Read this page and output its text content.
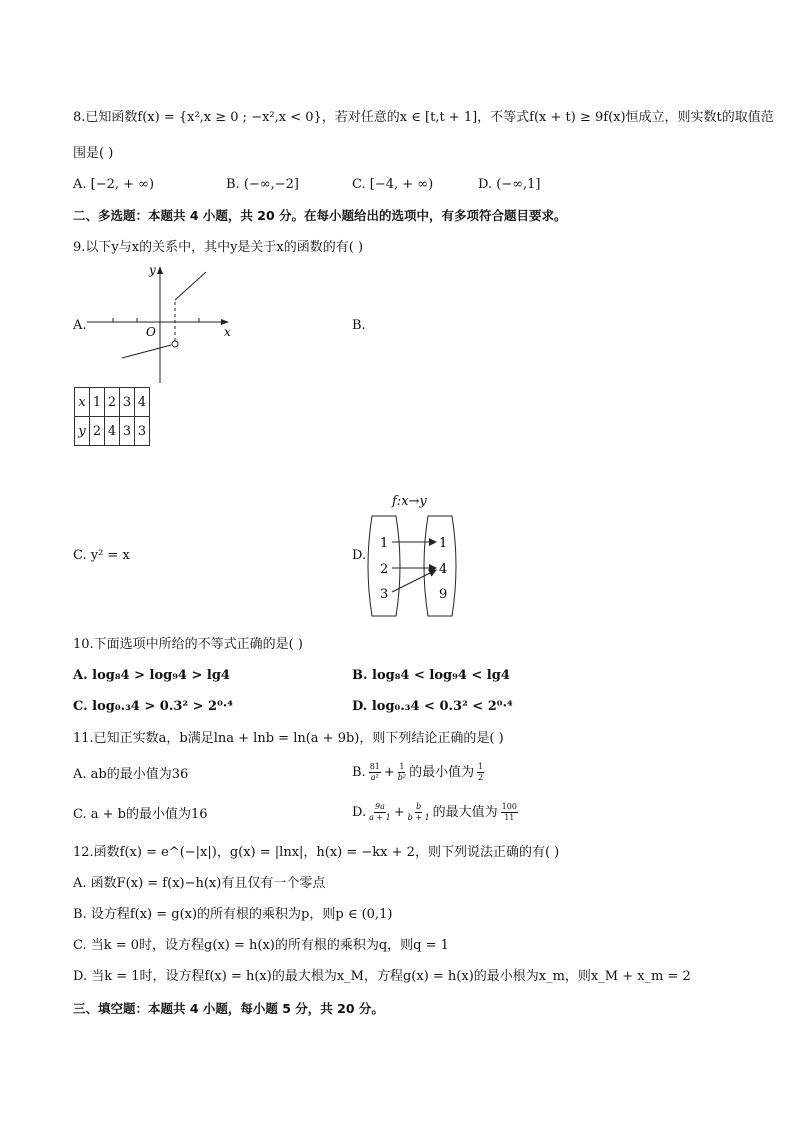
8.已知函数f(x) = {x²,x ≥ 0 ; −x²,x < 0}，若对任意的x ∈ [t,t + 1]，不等式f(x + t) ≥ 9f(x)恒成立，则实数t的取值范
围是( )
A. [−2, + ∞)	B. (−∞,−2]	C. [−4, + ∞)	D. (−∞,1]
二、多选题：本题共 4 小题，共 20 分。在每小题给出的选项中，有多项符合题目要求。
9.以下y与x的关系中，其中y是关于x的函数的有( )
A.
y
x
O	B.
x	1	2	3	4
y	2	4	3	3
C. y² = x	D.
f:x→y
1
2
3
1
4
9
10.下面选项中所给的不等式正确的是( )
A. log₈4 > log₉4 > lg4	B. log₈4 < log₉4 < lg4
C. log₀.₃4 > 0.3² > 2⁰·⁴	D. log₀.₃4 < 0.3² < 2⁰·⁴
11.已知正实数a，b满足lna + lnb = ln(a + 9b)，则下列结论正确的是( )
A. ab的最小值为36	B. $\frac{81}{\text{a²}} + \frac{1}{\text{b²}}$ 的最小值为 $\frac{1}{2}$
C. a + b的最小值为16	D. $\frac{9a}{a + 1} + \frac{b}{b + 1}$ 的最大值为 $\frac{100}{11}$
12.函数f(x) = e^(−|x|)，g(x) = |lnx|，h(x) = −kx + 2，则下列说法正确的有( )
A. 函数F(x) = f(x)−h(x)有且仅有一个零点
B. 设方程f(x) = g(x)的所有根的乘积为p，则p ∈ (0,1)
C. 当k = 0时，设方程g(x) = h(x)的所有根的乘积为q，则q = 1
D. 当k = 1时，设方程f(x) = h(x)的最大根为x_M，方程g(x) = h(x)的最小根为x_m，则x_M + x_m = 2
三、填空题：本题共 4 小题，每小题 5 分，共 20 分。
